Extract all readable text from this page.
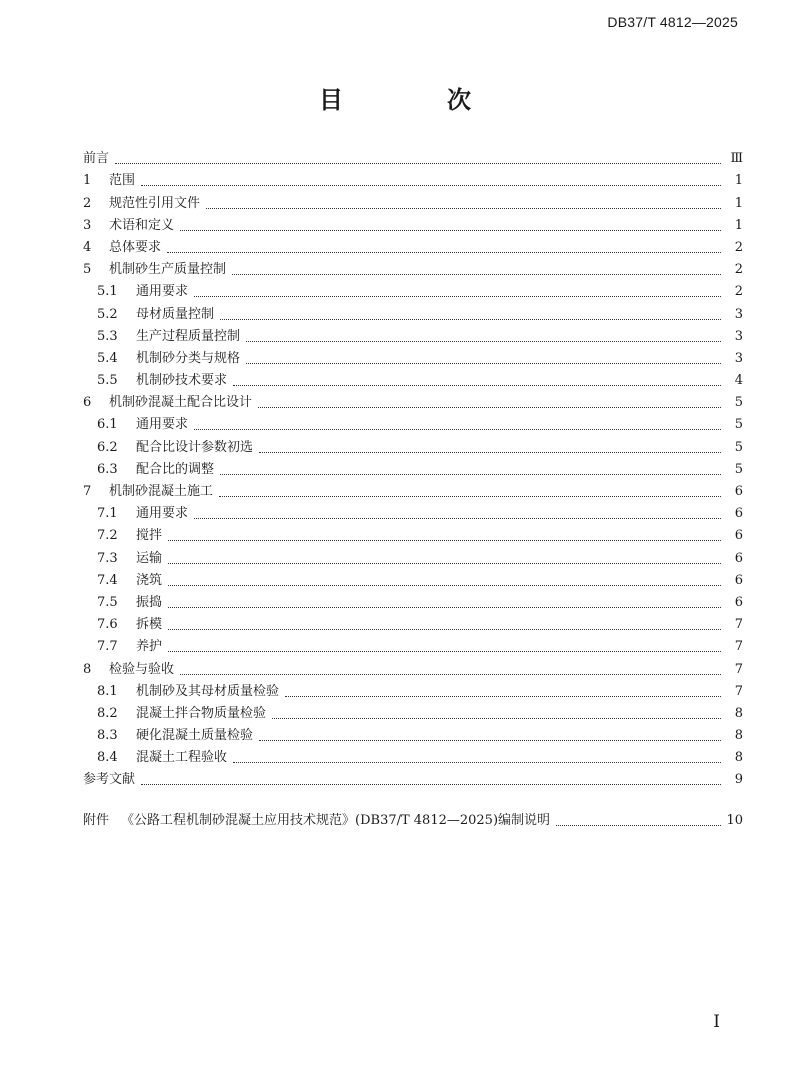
DB37/T 4812—2025
目　次
前言	Ⅲ
1	范围	1
2	规范性引用文件	1
3	术语和定义	1
4	总体要求	2
5	机制砂生产质量控制	2
5.1	通用要求	2
5.2	母材质量控制	3
5.3	生产过程质量控制	3
5.4	机制砂分类与规格	3
5.5	机制砂技术要求	4
6	机制砂混凝土配合比设计	5
6.1	通用要求	5
6.2	配合比设计参数初选	5
6.3	配合比的调整	5
7	机制砂混凝土施工	6
7.1	通用要求	6
7.2	搅拌	6
7.3	运输	6
7.4	浇筑	6
7.5	振捣	6
7.6	拆模	7
7.7	养护	7
8	检验与验收	7
8.1	机制砂及其母材质量检验	7
8.2	混凝土拌合物质量检验	8
8.3	硬化混凝土质量检验	8
8.4	混凝土工程验收	8
参考文献	9
附件 《公路工程机制砂混凝土应用技术规范》(DB37/T 4812—2025)编制说明	10
I
